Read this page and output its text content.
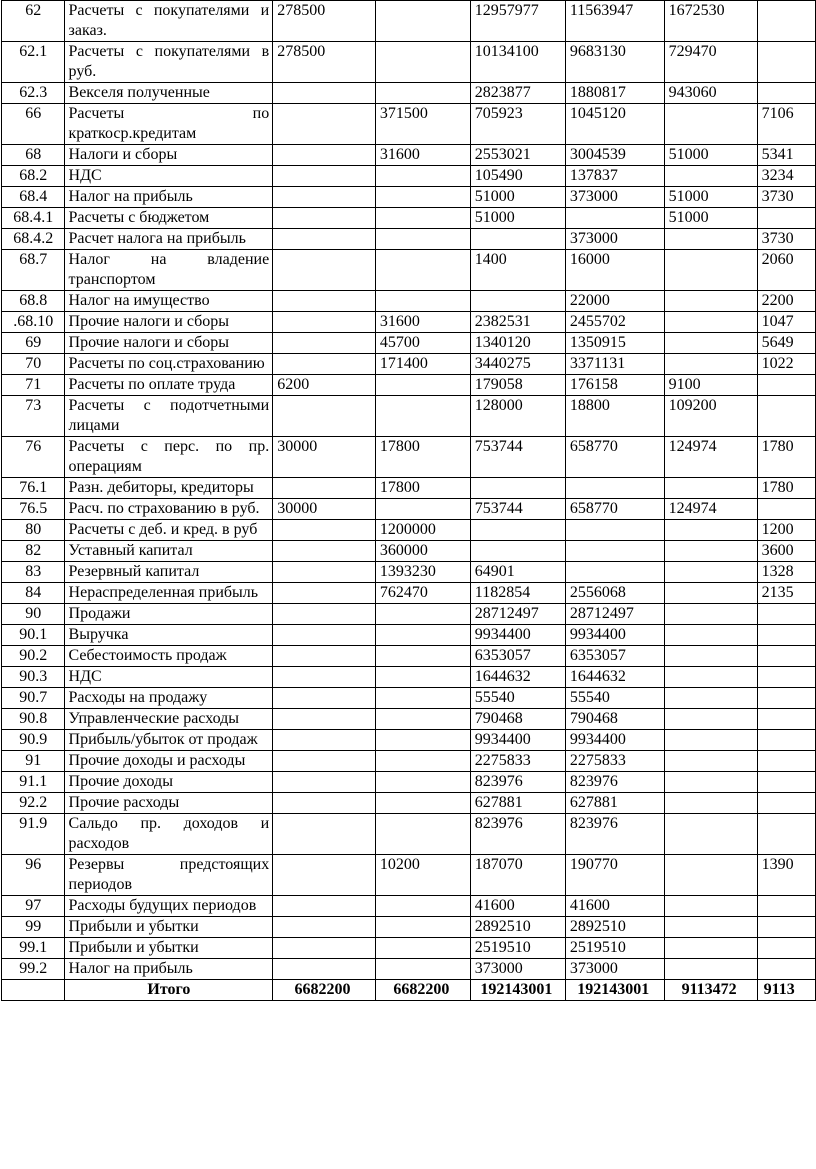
62	Расчеты с покупателями и заказ.	278500		12957977	11563947	1672530	
62.1	Расчеты с покупателями в руб.	278500		10134100	9683130	729470	
62.3	Векселя полученные			2823877	1880817	943060	
66	Расчеты по краткоср.кредитам		371500	705923	1045120		7106
68	Налоги и сборы		31600	2553021	3004539	51000	5341
68.2	НДС			105490	137837		3234
68.4	Налог на прибыль			51000	373000	51000	3730
68.4.1	Расчеты с бюджетом			51000		51000	
68.4.2	Расчет налога на прибыль				373000		3730
68.7	Налог на владение транспортом			1400	16000		2060
68.8	Налог на имущество				22000		2200
.68.10	Прочие налоги и сборы		31600	2382531	2455702		1047
69	Прочие налоги и сборы		45700	1340120	1350915		5649
70	Расчеты по соц.страхованию		171400	3440275	3371131		1022
71	Расчеты по оплате труда	6200		179058	176158	9100	
73	Расчеты с подотчетными лицами			128000	18800	109200	
76	Расчеты с перс. по пр. операциям	30000	17800	753744	658770	124974	1780
76.1	Разн. дебиторы, кредиторы		17800				1780
76.5	Расч. по страхованию в руб.	30000		753744	658770	124974	
80	Расчеты с деб. и кред. в руб		1200000				1200
82	Уставный капитал		360000				3600
83	Резервный капитал		1393230	64901			1328
84	Нераспределенная прибыль		762470	1182854	2556068		2135
90	Продажи			28712497	28712497		
90.1	Выручка			9934400	9934400		
90.2	Себестоимость продаж			6353057	6353057		
90.3	НДС			1644632	1644632		
90.7	Расходы на продажу			55540	55540		
90.8	Управленческие расходы			790468	790468		
90.9	Прибыль/убыток от продаж			9934400	9934400		
91	Прочие доходы и расходы			2275833	2275833		
91.1	Прочие доходы			823976	823976		
92.2	Прочие расходы			627881	627881		
91.9	Сальдо пр. доходов и расходов			823976	823976		
96	Резервы предстоящих периодов		10200	187070	190770		1390
97	Расходы будущих периодов			41600	41600		
99	Прибыли и убытки			2892510	2892510		
99.1	Прибыли и убытки			2519510	2519510		
99.2	Налог на прибыль			373000	373000		
	Итого	6682200	6682200	192143001	192143001	9113472	9113
